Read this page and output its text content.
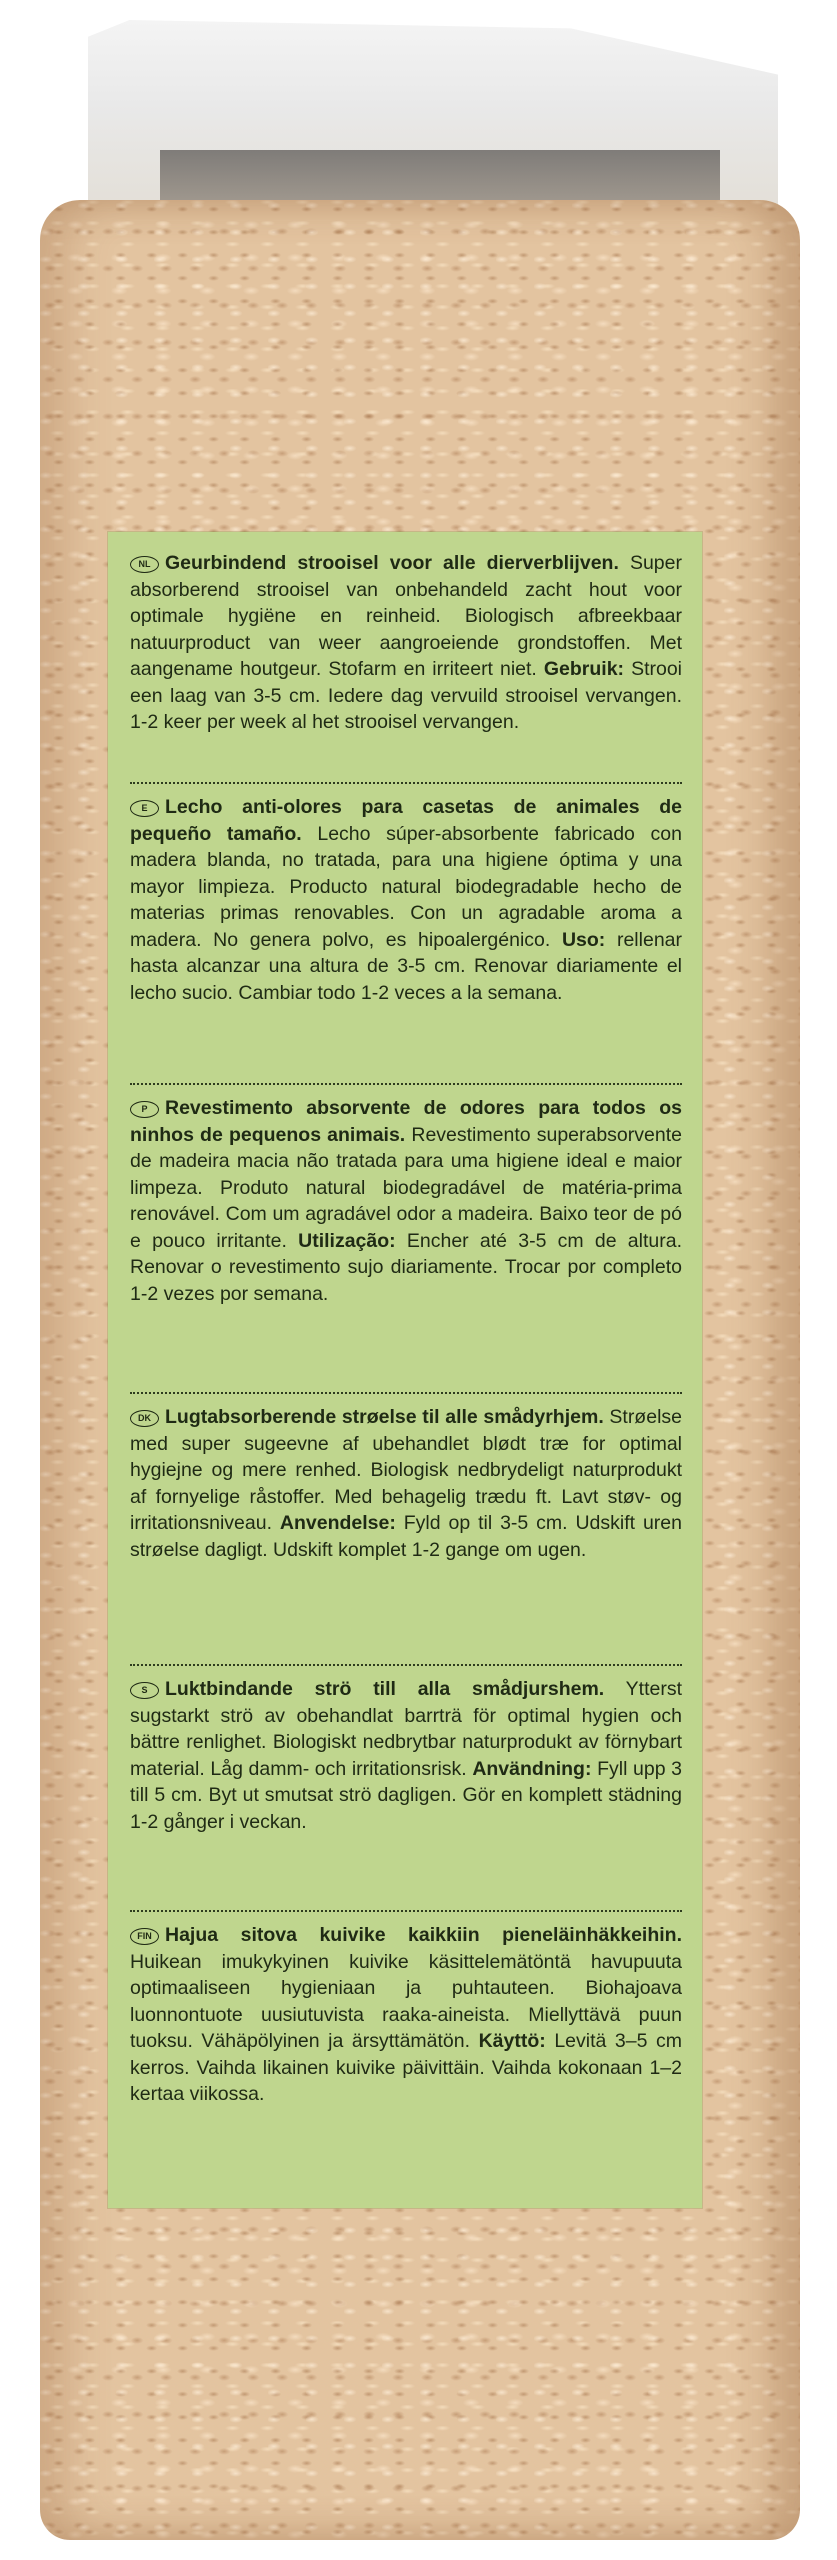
NL Geurbindend strooisel voor alle dierverblijven. Super absorberend strooisel van onbehandeld zacht hout voor optimale hygiëne en reinheid. Biologisch afbreekbaar natuurproduct van weer aangroeiende grondstoffen. Met aangename houtgeur. Stofarm en irriteert niet. Gebruik: Strooi een laag van 3-5 cm. Iedere dag vervuild strooisel vervangen. 1-2 keer per week al het strooisel vervangen.
E Lecho anti-olores para casetas de animales de pequeño tamaño. Lecho súper-absorbente fabricado con madera blanda, no tratada, para una higiene óptima y una mayor limpieza. Producto natural biodegradable hecho de materias primas renovables. Con un agradable aroma a madera. No genera polvo, es hipoalergénico. Uso: rellenar hasta alcanzar una altura de 3-5 cm. Renovar diariamente el lecho sucio. Cambiar todo 1-2 veces a la semana.
P Revestimento absorvente de odores para todos os ninhos de pequenos animais. Revestimento superabsorvente de madeira macia não tratada para uma higiene ideal e maior limpeza. Produto natural biodegradável de matéria-prima renovável. Com um agradável odor a madeira. Baixo teor de pó e pouco irritante. Utilização: Encher até 3-5 cm de altura. Renovar o revestimento sujo diariamente. Trocar por completo 1-2 vezes por semana.
DK Lugtabsorberende strøelse til alle smådyrhjem. Strøelse med super sugeevne af ubehandlet blødt træ for optimal hygiejne og mere renhed. Biologisk nedbrydeligt naturprodukt af fornyelige råstoffer. Med behagelig trædu ft. Lavt støv- og irritationsniveau. Anvendelse: Fyld op til 3-5 cm. Udskift uren strøelse dagligt. Udskift komplet 1-2 gange om ugen.
S Luktbindande strö till alla smådjurshem. Ytterst sugstarkt strö av obehandlat barrträ för optimal hygien och bättre renlighet. Biologiskt nedbrytbar naturprodukt av förnybart material. Låg damm- och irritationsrisk. Användning: Fyll upp 3 till 5 cm. Byt ut smutsat strö dagligen. Gör en komplett städning 1-2 gånger i veckan.
FIN Hajua sitova kuivike kaikkiin pieneläinhäkkeihin. Huikean imukykyinen kuivike käsittelemätöntä havupuuta optimaaliseen hygieniaan ja puhtauteen. Biohajoava luonnontuote uusiutuvista raaka-aineista. Miellyttävä puun tuoksu. Vähäpölyinen ja ärsyttämätön. Käyttö: Levitä 3–5 cm kerros. Vaihda likainen kuivike päivittäin. Vaihda kokonaan 1–2 kertaa viikossa.
